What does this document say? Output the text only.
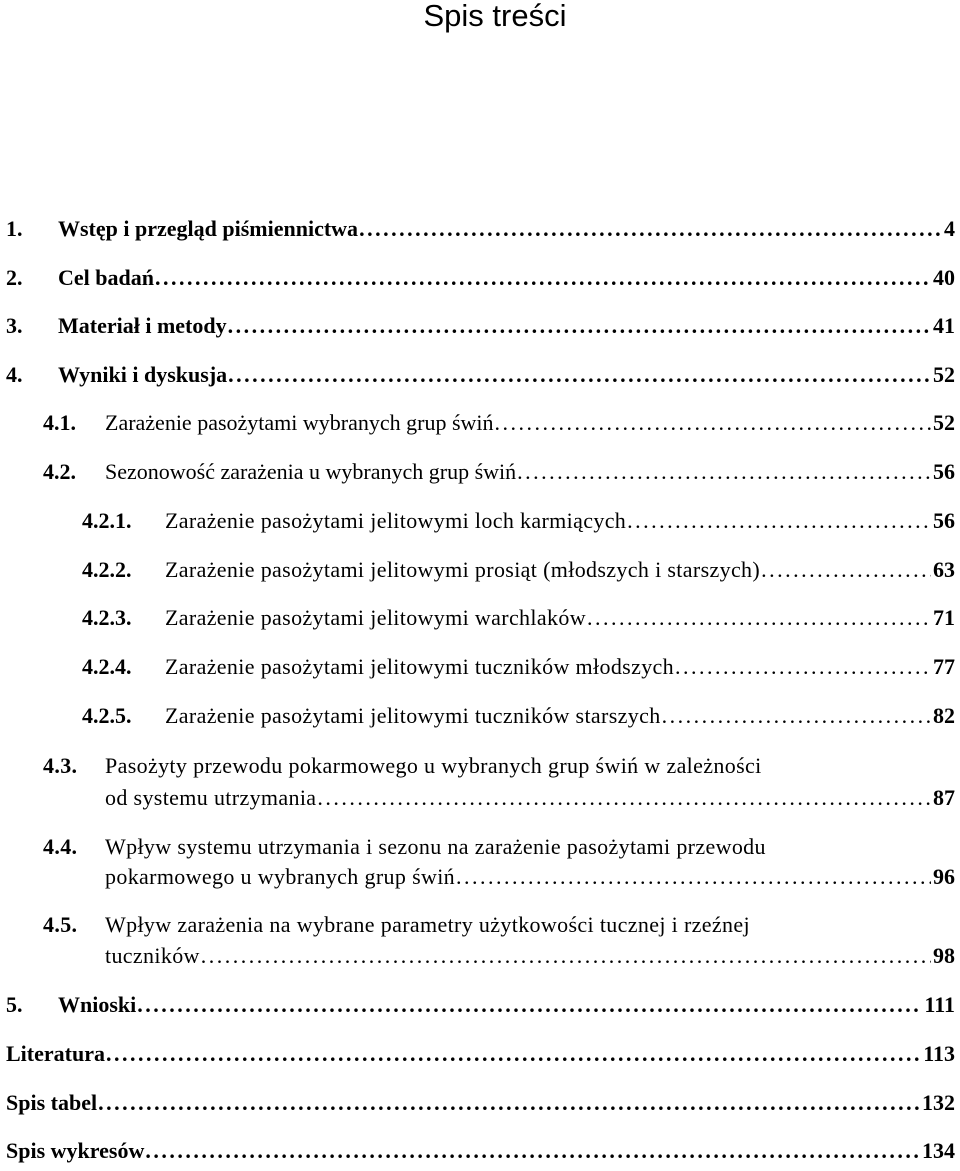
Spis treści
1.	Wstęp i przegląd piśmiennictwa . . .	4
2.	Cel badań . . .	40
3.	Materiał i metody . . .	41
4.	Wyniki i dyskusja . . .	52
4.1.	Zarażenie pasożytami wybranych grup świń . . .	52
4.2.	Sezonowość zarażenia u wybranych grup świń . . .	56
4.2.1.	Zarażenie pasożytami jelitowymi loch karmiących . . .	56
4.2.2.	Zarażenie pasożytami jelitowymi prosiąt (młodszych i starszych) . . .	63
4.2.3.	Zarażenie pasożytami jelitowymi warchlaków . . .	71
4.2.4.	Zarażenie pasożytami jelitowymi tuczników młodszych . . .	77
4.2.5.	Zarażenie pasożytami jelitowymi tuczników starszych . . .	82
4.3. Pasożyty przewodu pokarmowego u wybranych grup świń w zależności
od systemu utrzymania . . .	87
4.4. Wpływ systemu utrzymania i sezonu na zarażenie pasożytami przewodu
pokarmowego u wybranych grup świń . . .	96
4.5. Wpływ zarażenia na wybrane parametry użytkowości tucznej i rzeźnej
tuczników . . .	98
5.	Wnioski . . .	111
Literatura . . .	113
Spis tabel . . .	132
Spis wykresów . . .	134
